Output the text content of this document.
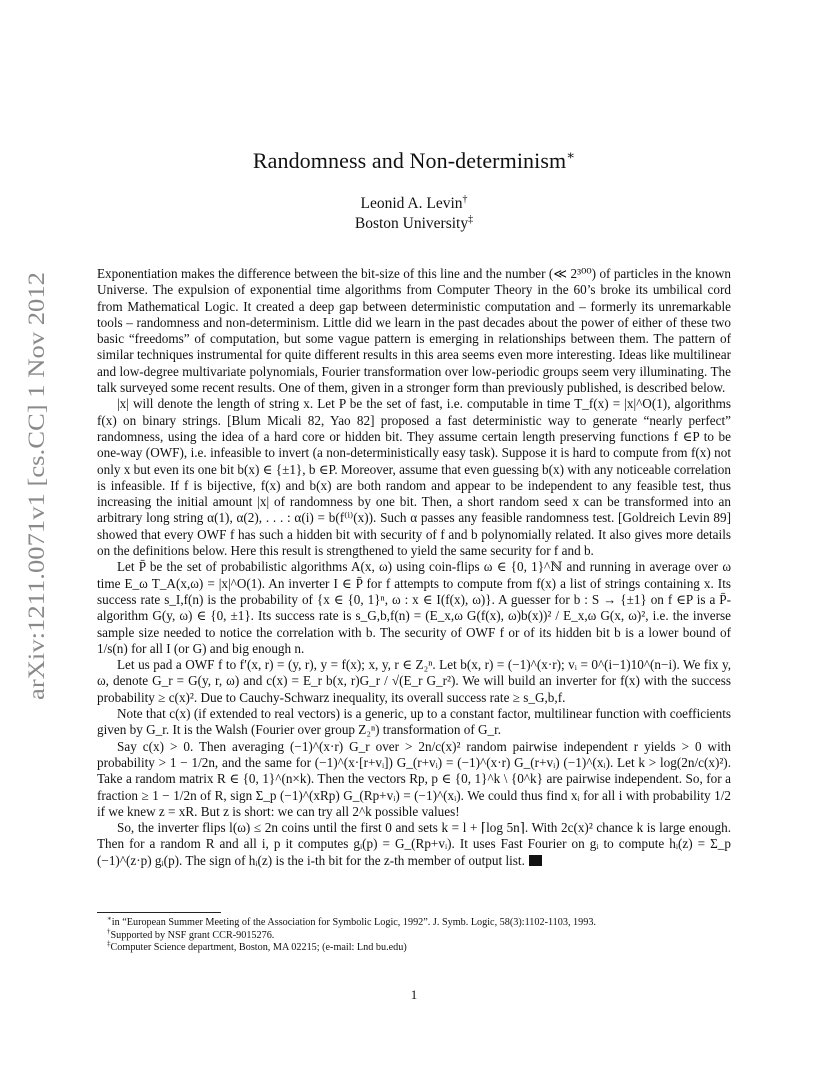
arXiv:1211.0071v1 [cs.CC] 1 Nov 2012
Randomness and Non-determinism∗
Leonid A. Levin†
Boston University‡

Exponentiation makes the difference between the bit-size of this line and the number (≪ 2³⁰⁰) of particles in the known Universe. The expulsion of exponential time algorithms from Computer Theory in the 60’s broke its umbilical cord from Mathematical Logic. It created a deep gap between deterministic computation and – formerly its unremarkable tools – randomness and non-determinism. Little did we learn in the past decades about the power of either of these two basic “freedoms” of computation, but some vague pattern is emerging in relationships between them. The pattern of similar techniques instrumental for quite different results in this area seems even more interesting. Ideas like multilinear and low-degree multivariate polynomials, Fourier transformation over low-periodic groups seem very illuminating. The talk surveyed some recent results. One of them, given in a stronger form than previously published, is described below.

|x| will denote the length of string x. Let P be the set of fast, i.e. computable in time T_f(x) = |x|^O(1), algorithms f(x) on binary strings. [Blum Micali 82, Yao 82] proposed a fast deterministic way to generate “nearly perfect” randomness, using the idea of a hard core or hidden bit. They assume certain length preserving functions f ∈P to be one-way (OWF), i.e. infeasible to invert (a non-deterministically easy task). Suppose it is hard to compute from f(x) not only x but even its one bit b(x) ∈ {±1}, b ∈P. Moreover, assume that even guessing b(x) with any noticeable correlation is infeasible. If f is bijective, f(x) and b(x) are both random and appear to be independent to any feasible test, thus increasing the initial amount |x| of randomness by one bit. Then, a short random seed x can be transformed into an arbitrary long string α(1), α(2), . . . : α(i) = b(f⁽ⁱ⁾(x)). Such α passes any feasible randomness test. [Goldreich Levin 89] showed that every OWF f has such a hidden bit with security of f and b polynomially related. It also gives more details on the definitions below. Here this result is strengthened to yield the same security for f and b.

Let P̄ be the set of probabilistic algorithms A(x, ω) using coin-flips ω ∈ {0, 1}^ℕ and running in average over ω time E_ω T_A(x,ω) = |x|^O(1). An inverter I ∈ P̄ for f attempts to compute from f(x) a list of strings containing x. Its success rate s_I,f(n) is the probability of {x ∈ {0, 1}ⁿ, ω : x ∈ I(f(x), ω)}. A guesser for b : S → {±1} on f ∈P is a P̄-algorithm G(y, ω) ∈ {0, ±1}. Its success rate is s_G,b,f(n) = (E_x,ω G(f(x), ω)b(x))² / E_x,ω G(x, ω)², i.e. the inverse sample size needed to notice the correlation with b. The security of OWF f or of its hidden bit b is a lower bound of 1/s(n) for all I (or G) and big enough n.

Let us pad a OWF f to f′(x, r) = (y, r), y = f(x); x, y, r ∈ Z₂ⁿ. Let b(x, r) = (−1)^(x·r); vᵢ = 0^(i−1)10^(n−i). We fix y, ω, denote G_r = G(y, r, ω) and c(x) = E_r b(x, r)G_r / √(E_r G_r²). We will build an inverter for f(x) with the success probability ≥ c(x)². Due to Cauchy-Schwarz inequality, its overall success rate ≥ s_G,b,f.

Note that c(x) (if extended to real vectors) is a generic, up to a constant factor, multilinear function with coefficients given by G_r. It is the Walsh (Fourier over group Z₂ⁿ) transformation of G_r.

Say c(x) > 0. Then averaging (−1)^(x·r) G_r over > 2n/c(x)² random pairwise independent r yields > 0 with probability > 1 − 1/2n, and the same for (−1)^(x·[r+vᵢ]) G_(r+vᵢ) = (−1)^(x·r) G_(r+vᵢ) (−1)^(xᵢ). Let k > log(2n/c(x)²). Take a random matrix R ∈ {0, 1}^(n×k). Then the vectors Rp, p ∈ {0, 1}^k \ {0^k} are pairwise independent. So, for a fraction ≥ 1 − 1/2n of R, sign Σ_p (−1)^(xRp) G_(Rp+vᵢ) = (−1)^(xᵢ). We could thus find xᵢ for all i with probability 1/2 if we knew z = xR. But z is short: we can try all 2^k possible values!

So, the inverter flips l(ω) ≤ 2n coins until the first 0 and sets k = l + ⌈log 5n⌉. With 2c(x)² chance k is large enough. Then for a random R and all i, p it computes gᵢ(p) = G_(Rp+vᵢ). It uses Fast Fourier on gᵢ to compute hᵢ(z) = Σ_p (−1)^(z·p) gᵢ(p). The sign of hᵢ(z) is the i-th bit for the z-th member of output list.

∗in “European Summer Meeting of the Association for Symbolic Logic, 1992”. J. Symb. Logic, 58(3):1102-1103, 1993.
†Supported by NSF grant CCR-9015276.
‡Computer Science department, Boston, MA 02215; (e-mail: Lnd bu.edu)
1
